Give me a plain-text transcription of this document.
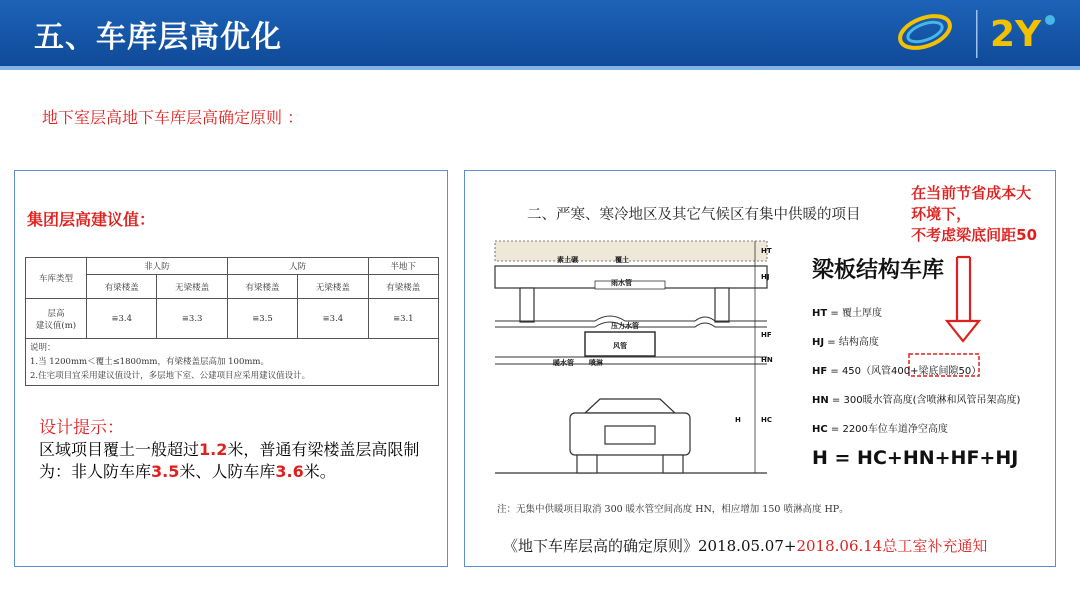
五、车库层高优化	2Y
地下室层高地下车库层高确定原则 ：
集团层高建议值：
车库类型	非人防		人防		半地下
	有梁楼盖	无梁楼盖	有梁楼盖	无梁楼盖	有梁楼盖
层高
建议值(m)	≡3.4	≡3.3	≡3.5	≡3.4	≡3.1

说明：
1.当 1200mm＜覆土≤1800mm，有梁楼盖层高加 100mm。
2.住宅项目宜采用建议值设计，多层地下室、公建项目应采用建议值设计。					
设计提示：
区域项目覆土一般超过1.2米，普通有梁楼盖层高限制为：非人防车库3.5米、人防车库3.6米。
素土碾	覆土
雨水管
压力水管
风管
暖水管 喷淋
HT
HJ
HF
HN
HC
H
二、严寒、寒冷地区及其它气候区有集中供暖的项目
在当前节省成本大
环境下，
不考虑梁底间距50
梁板结构车库
HT = 覆土厚度
HJ = 结构高度
HF = 450（风管400+梁底间隙50）
HN = 300暖水管高度(含喷淋和风管吊架高度)
HC = 2200车位车道净空高度
H = HC+HN+HF+HJ
注：无集中供暖项目取消 300 暖水管空间高度 HN，相应增加 150 喷淋高度 HP。
《地下车库层高的确定原则》2018.05.07+2018.06.14总工室补充通知
